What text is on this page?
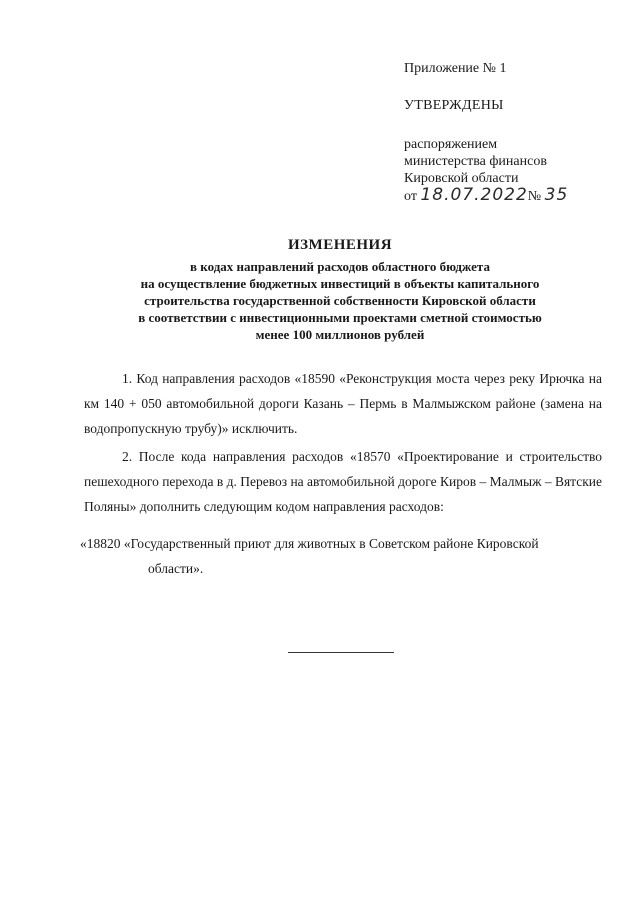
Приложение № 1
УТВЕРЖДЕНЫ
распоряжением
министерства финансов
Кировской области
от 18.07.2022№ 35
ИЗМЕНЕНИЯ
в кодах направлений расходов областного бюджета
на осуществление бюджетных инвестиций в объекты капитального
строительства государственной собственности Кировской области
в соответствии с инвестиционными проектами сметной стоимостью
менее 100 миллионов рублей

1. Код направления расходов «18590 «Реконструкция моста через реку Ирючка на км 140 + 050 автомобильной дороги Казань – Пермь в Малмыжском районе (замена на водопропускную трубу)» исключить.

2. После кода направления расходов «18570 «Проектирование и строительство пешеходного перехода в д. Перевоз на автомобильной дороге Киров – Малмыж – Вятские Поляны» дополнить следующим кодом направления расходов:

«18820 «Государственный приют для животных в Советском районе Кировской

области».
